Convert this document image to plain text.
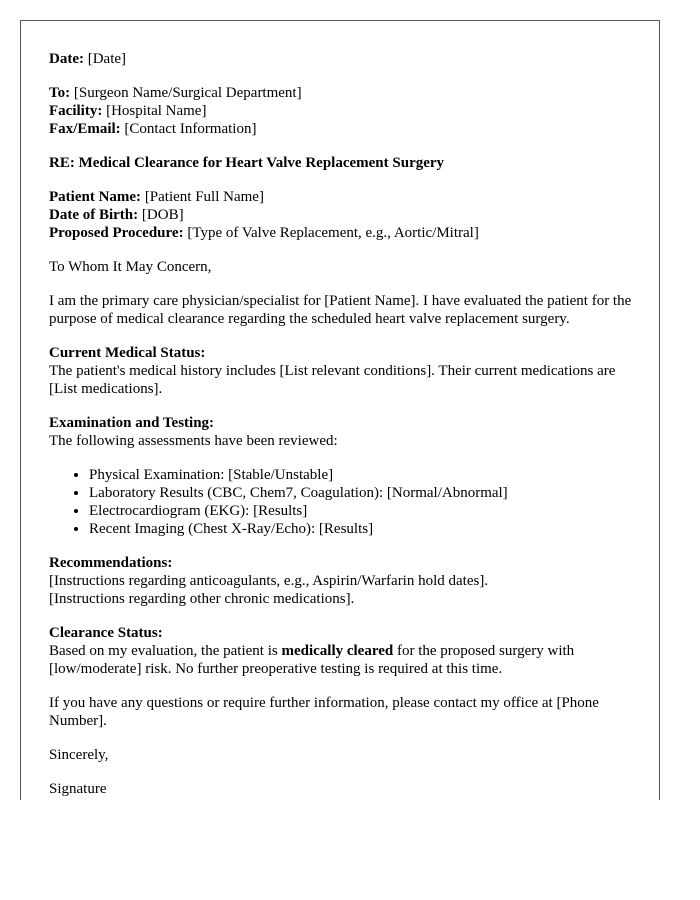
Date: [Date]

To: [Surgeon Name/Surgical Department]
Facility: [Hospital Name]
Fax/Email: [Contact Information]

RE: Medical Clearance for Heart Valve Replacement Surgery

Patient Name: [Patient Full Name]
Date of Birth: [DOB]
Proposed Procedure: [Type of Valve Replacement, e.g., Aortic/Mitral]

To Whom It May Concern,

I am the primary care physician/specialist for [Patient Name]. I have evaluated the patient for the purpose of medical clearance regarding the scheduled heart valve replacement surgery.

Current Medical Status:
The patient's medical history includes [List relevant conditions]. Their current medications are [List medications].

Examination and Testing:
The following assessments have been reviewed:

• Physical Examination: [Stable/Unstable]
• Laboratory Results (CBC, Chem7, Coagulation): [Normal/Abnormal]
• Electrocardiogram (EKG): [Results]
• Recent Imaging (Chest X-Ray/Echo): [Results]

Recommendations:
[Instructions regarding anticoagulants, e.g., Aspirin/Warfarin hold dates].
[Instructions regarding other chronic medications].

Clearance Status:
Based on my evaluation, the patient is medically cleared for the proposed surgery with [low/moderate] risk. No further preoperative testing is required at this time.

If you have any questions or require further information, please contact my office at [Phone Number].

Sincerely,

Signature
